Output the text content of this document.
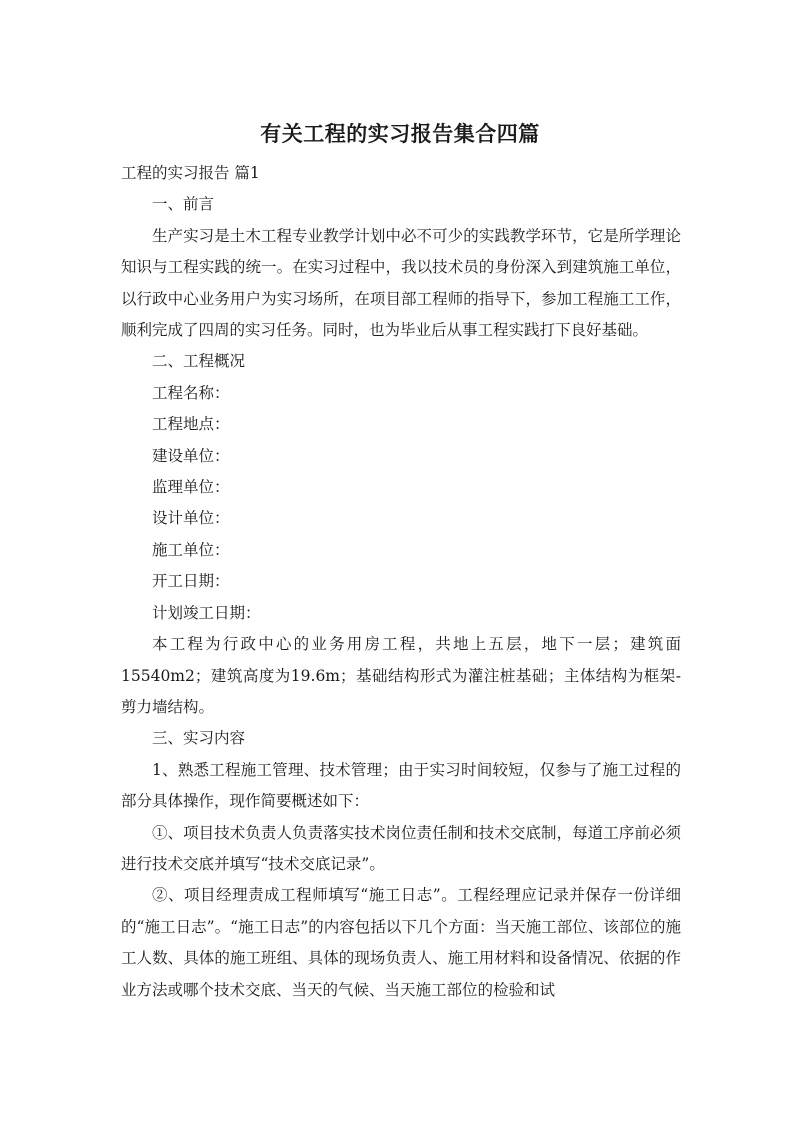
有关工程的实习报告集合四篇

工程的实习报告 篇1

一、前言

生产实习是土木工程专业教学计划中必不可少的实践教学环节，它是所学理论知识与工程实践的统一。在实习过程中，我以技术员的身份深入到建筑施工单位，以行政中心业务用户为实习场所，在项目部工程师的指导下，参加工程施工工作，顺利完成了四周的实习任务。同时，也为毕业后从事工程实践打下良好基础。

二、工程概况

工程名称：

工程地点：

建设单位：

监理单位：

设计单位：

施工单位：

开工日期：

计划竣工日期：

本工程为行政中心的业务用房工程，共地上五层，地下一层；建筑面15540m2；建筑高度为19.6m；基础结构形式为灌注桩基础；主体结构为框架-剪力墙结构。

三、实习内容

1、熟悉工程施工管理、技术管理；由于实习时间较短，仅参与了施工过程的部分具体操作，现作简要概述如下：

①、项目技术负责人负责落实技术岗位责任制和技术交底制，每道工序前必须进行技术交底并填写“技术交底记录”。

②、项目经理责成工程师填写“施工日志”。工程经理应记录并保存一份详细的“施工日志”。“施工日志”的内容包括以下几个方面：当天施工部位、该部位的施工人数、具体的施工班组、具体的现场负责人、施工用材料和设备情况、依据的作业方法或哪个技术交底、当天的气候、当天施工部位的检验和试
